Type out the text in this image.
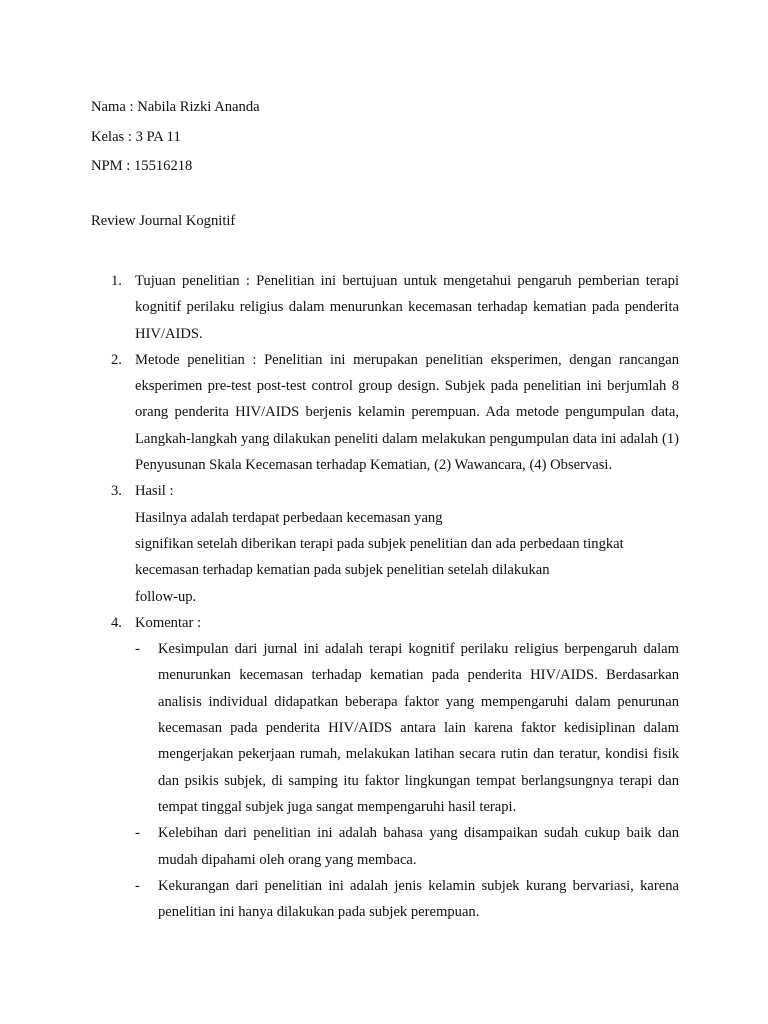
Nama : Nabila Rizki Ananda
Kelas : 3 PA 11
NPM : 15516218
Review Journal Kognitif
1. Tujuan penelitian : Penelitian ini bertujuan untuk mengetahui pengaruh pemberian terapi kognitif perilaku religius dalam menurunkan kecemasan terhadap kematian pada penderita HIV/AIDS.
2. Metode penelitian : Penelitian ini merupakan penelitian eksperimen, dengan rancangan eksperimen pre-test post-test control group design. Subjek pada penelitian ini berjumlah 8 orang penderita HIV/AIDS berjenis kelamin perempuan. Ada metode pengumpulan data, Langkah-langkah yang dilakukan peneliti dalam melakukan pengumpulan data ini adalah (1) Penyusunan Skala Kecemasan terhadap Kematian, (2) Wawancara, (4) Observasi.
3. Hasil :
Hasilnya adalah terdapat perbedaan kecemasan yang
signifikan setelah diberikan terapi pada subjek penelitian dan ada perbedaan tingkat
kecemasan terhadap kematian pada subjek penelitian setelah dilakukan
follow-up.
4. Komentar :
- Kesimpulan dari jurnal ini adalah terapi kognitif perilaku religius berpengaruh dalam menurunkan kecemasan terhadap kematian pada penderita HIV/AIDS. Berdasarkan analisis individual didapatkan beberapa faktor yang mempengaruhi dalam penurunan kecemasan pada penderita HIV/AIDS antara lain karena faktor kedisiplinan dalam mengerjakan pekerjaan rumah, melakukan latihan secara rutin dan teratur, kondisi fisik dan psikis subjek, di samping itu faktor lingkungan tempat berlangsungnya terapi dan tempat tinggal subjek juga sangat mempengaruhi hasil terapi.
- Kelebihan dari penelitian ini adalah bahasa yang disampaikan sudah cukup baik dan mudah dipahami oleh orang yang membaca.
- Kekurangan dari penelitian ini adalah jenis kelamin subjek kurang bervariasi, karena penelitian ini hanya dilakukan pada subjek perempuan.
